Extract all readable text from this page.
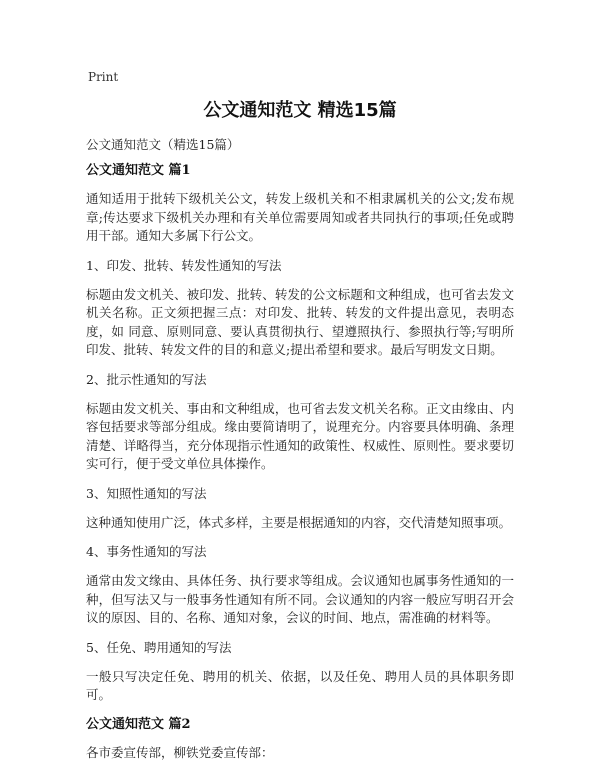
Print
公文通知范文 精选15篇
公文通知范文（精选15篇）
公文通知范文 篇1
通知适用于批转下级机关公文，转发上级机关和不相隶属机关的公文;发布规章;传达要求下级机关办理和有关单位需要周知或者共同执行的事项;任免或聘用干部。通知大多属下行公文。
1、印发、批转、转发性通知的写法
标题由发文机关、被印发、批转、转发的公文标题和文种组成，也可省去发文机关名称。正文须把握三点：对印发、批转、转发的文件提出意见，表明态度，如 同意、原则同意、要认真贯彻执行、望遵照执行、参照执行等;写明所印发、批转、转发文件的目的和意义;提出希望和要求。最后写明发文日期。
2、批示性通知的写法
标题由发文机关、事由和文种组成，也可省去发文机关名称。正文由缘由、内容包括要求等部分组成。缘由要简请明了，说理充分。内容要具体明确、条理清楚、详略得当，充分体现指示性通知的政策性、权威性、原则性。要求要切实可行，便于受文单位具体操作。
3、知照性通知的写法
这种通知使用广泛，体式多样，主要是根据通知的内容，交代清楚知照事项。
4、事务性通知的写法
通常由发文缘由、具体任务、执行要求等组成。会议通知也属事务性通知的一种，但写法又与一般事务性通知有所不同。会议通知的内容一般应写明召开会议的原因、目的、名称、通知对象，会议的时间、地点，需准确的材料等。
5、任免、聘用通知的写法
一般只写决定任免、聘用的机关、依据，以及任免、聘用人员的具体职务即可。
公文通知范文 篇2
各市委宣传部，柳铁党委宣传部：
